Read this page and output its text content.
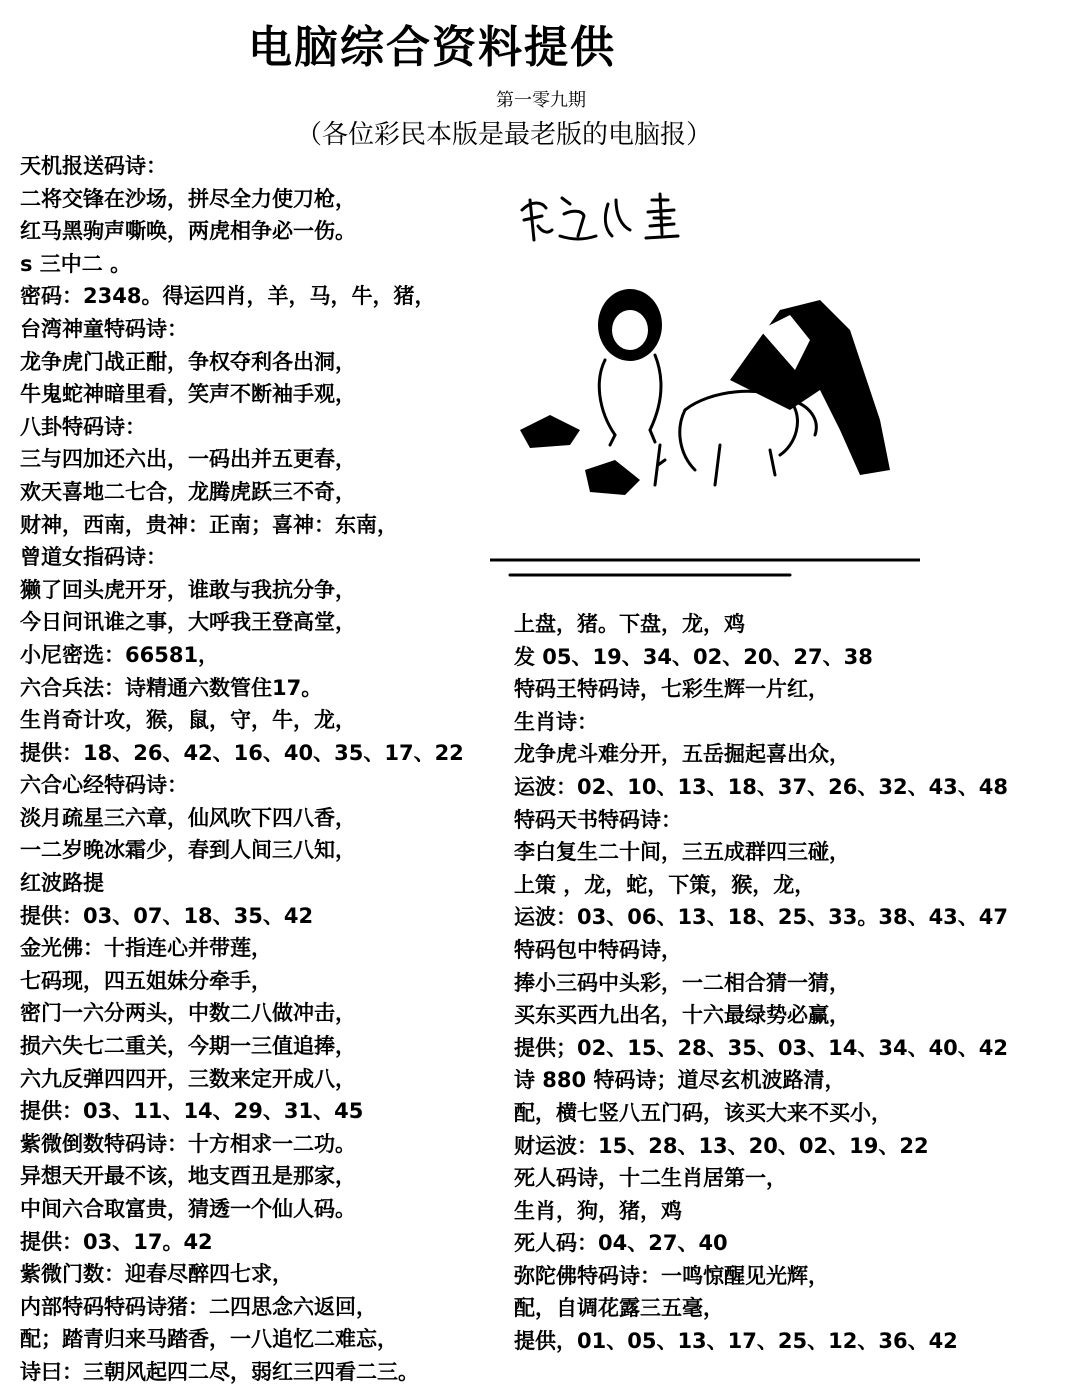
电脑综合资料提供
第一零九期
（各位彩民本版是最老版的电脑报）
天机报送码诗：
二将交锋在沙场，拼尽全力使刀枪，
红马黑驹声嘶唤，两虎相争必一伤。
s 三中二 。
密码：2348。得运四肖，羊，马，牛，猪，
台湾神童特码诗：
龙争虎门战正酣，争权夺利各出洞，
牛鬼蛇神暗里看，笑声不断袖手观，
八卦特码诗：
三与四加还六出，一码出并五更春，
欢天喜地二七合，龙腾虎跃三不奇，
财神，西南，贵神：正南；喜神：东南，
曾道女指码诗：
獭了回头虎开牙，谁敢与我抗分争，
今日问讯谁之事，大呼我王登高堂，
小尼密选：66581，
六合兵法：诗精通六数管住17。
生肖奇计攻，猴，鼠，守，牛，龙，
提供：18、26、42、16、40、35、17、22
六合心经特码诗：
淡月疏星三六章，仙风吹下四八香，
一二岁晚冰霜少，春到人间三八知，
红波路提
提供：03、07、18、35、42
金光佛：十指连心并带莲，
七码现，四五姐妹分牵手，
密门一六分两头，中数二八做冲击，
损六失七二重关，今期一三值追捧，
六九反弹四四开，三数来定开成八，
提供：03、11、14、29、31、45
紫微倒数特码诗：十方相求一二功。
异想天开最不该，地支酉丑是那家，
中间六合取富贵，猜透一个仙人码。
提供：03、17。42
紫微门数：迎春尽醉四七求，
内部特码特码诗猪：二四思念六返回，
配；踏青归来马踏香，一八追忆二难忘，
诗曰：三朝风起四二尽，弱红三四看二三。
上盘，猪。下盘，龙，鸡
发 05、19、34、02、20、27、38
特码王特码诗，七彩生辉一片红，
生肖诗：
龙争虎斗难分开，五岳掘起喜出众，
运波：02、10、13、18、37、26、32、43、48
特码天书特码诗：
李白复生二十间，三五成群四三碰，
上策 ，龙，蛇，下策，猴，龙，
运波：03、06、13、18、25、33。38、43、47
特码包中特码诗，
捧小三码中头彩，一二相合猜一猜，
买东买西九出名，十六最绿势必赢，
提供；02、15、28、35、03、14、34、40、42
诗 880 特码诗；道尽玄机波路清，
配，横七竖八五门码，该买大来不买小，
财运波：15、28、13、20、02、19、22
死人码诗，十二生肖居第一，
生肖，狗，猪，鸡
死人码：04、27、40
弥陀佛特码诗：一鸣惊醒见光辉，
配，自调花露三五毫，
提供，01、05、13、17、25、12、36、42
